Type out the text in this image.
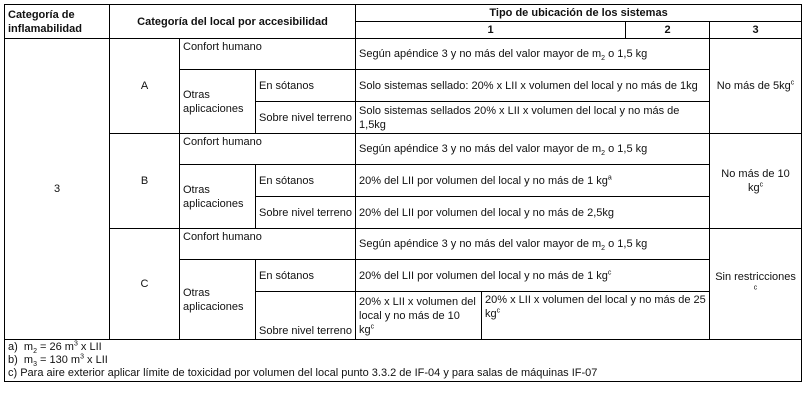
Categoría de inflamabilidad	Categoría del local por accesibilidad			Tipo de ubicación de los sistemas				
				1		2	3	
3	A	Confort humano		Según apéndice 3 y no más del valor mayor de $m_2$ o 1,5 kg			No más de $5kg^c$	
		Otras aplicaciones	En sótanos	Solo sistemas sellado: 20% x LII x volumen del local y no más de 1kg				
			Sobre nivel terreno	Solo sistemas sellados 20% x LII x volumen del local y no más de 1,5kg				
	B	Confort humano		Según apéndice 3 y no más del valor mayor de $m_2$ o 1,5 kg			No más de 10 $kg^c$
		Otras aplicaciones	En sótanos	20% del LII por volumen del local y no más de 1 $kg^a$
			Sobre nivel terreno	20% del LII por volumen del local y no más de 2,5kg				
	C	Confort humano		Según apéndice 3 y no más del valor mayor de $m_2$ o 1,5 kg			Sin restricciones $^c$
		Otras aplicaciones	En sótanos	20% del LII por volumen del local y no más de 1 $kg^c$
			Sobre nivel terreno	20% x LII x volumen del local y no más de 10 $kg^c$	20% x LII x volumen del local y no más de 25 $kg^c$

a)  $m_2 = 26$ $m^3$ x LII
b)  $m_3 = 130$ $m^3$ x LII
c) Para aire exterior aplicar límite de toxicidad por volumen del local punto 3.3.2 de IF-04 y para salas de máquinas IF-07								
